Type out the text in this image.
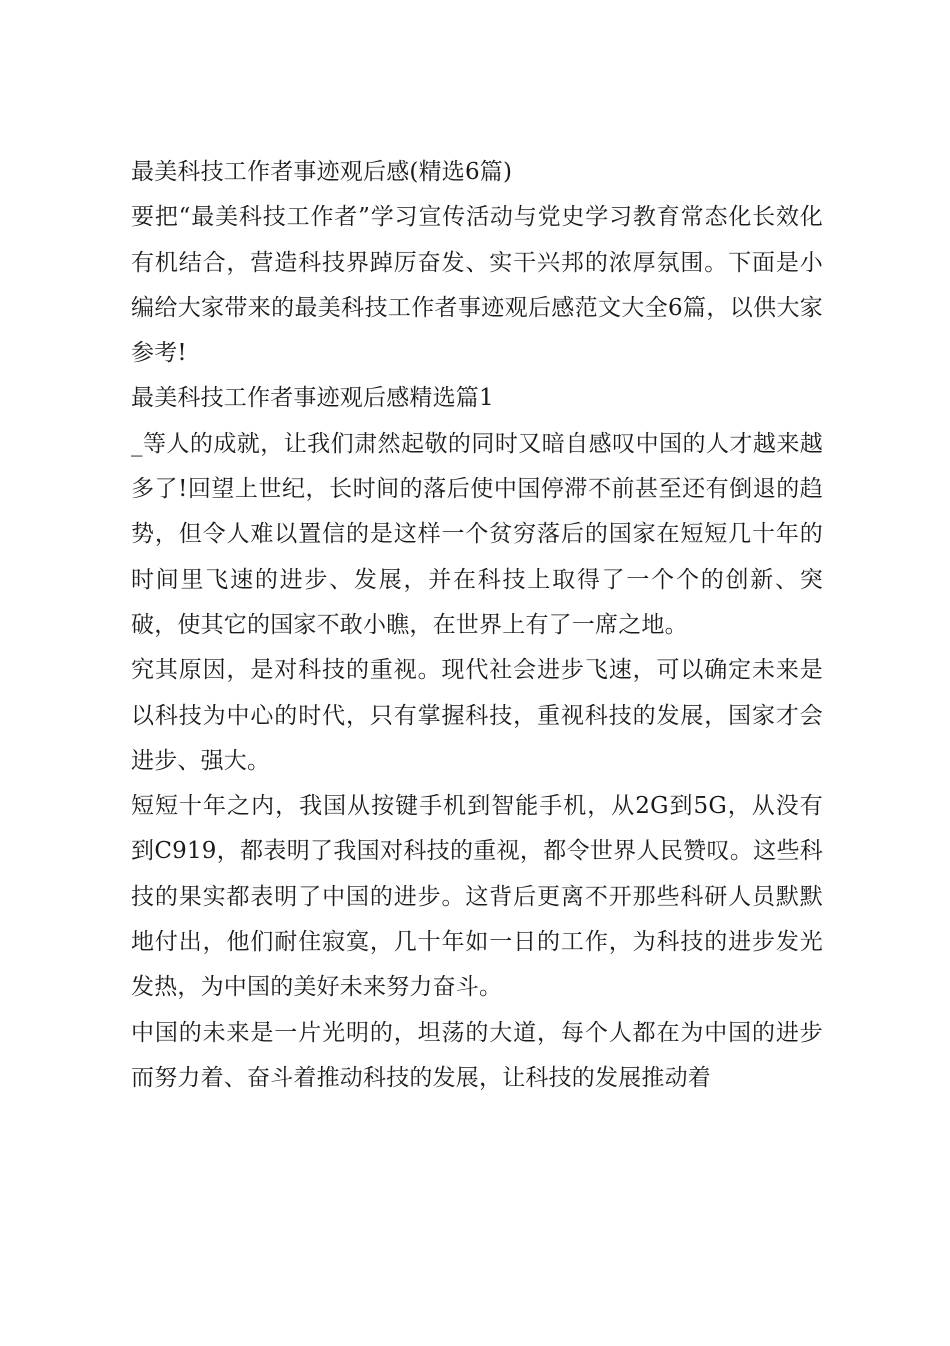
最美科技工作者事迹观后感(精选6篇)

要把“最美科技工作者”学习宣传活动与党史学习教育常态化长效化有机结合，营造科技界踔厉奋发、实干兴邦的浓厚氛围。下面是小编给大家带来的最美科技工作者事迹观后感范文大全6篇，以供大家参考!

最美科技工作者事迹观后感精选篇1

_等人的成就，让我们肃然起敬的同时又暗自感叹中国的人才越来越多了!回望上世纪，长时间的落后使中国停滞不前甚至还有倒退的趋势，但令人难以置信的是这样一个贫穷落后的国家在短短几十年的时间里飞速的进步、发展，并在科技上取得了一个个的创新、突破，使其它的国家不敢小瞧，在世界上有了一席之地。

究其原因，是对科技的重视。现代社会进步飞速，可以确定未来是以科技为中心的时代，只有掌握科技，重视科技的发展，国家才会进步、强大。

短短十年之内，我国从按键手机到智能手机，从2G到5G，从没有到C919，都表明了我国对科技的重视，都令世界人民赞叹。这些科技的果实都表明了中国的进步。这背后更离不开那些科研人员默默地付出，他们耐住寂寞，几十年如一日的工作，为科技的进步发光发热，为中国的美好未来努力奋斗。

中国的未来是一片光明的，坦荡的大道，每个人都在为中国的进步而努力着、奋斗着推动科技的发展，让科技的发展推动着
